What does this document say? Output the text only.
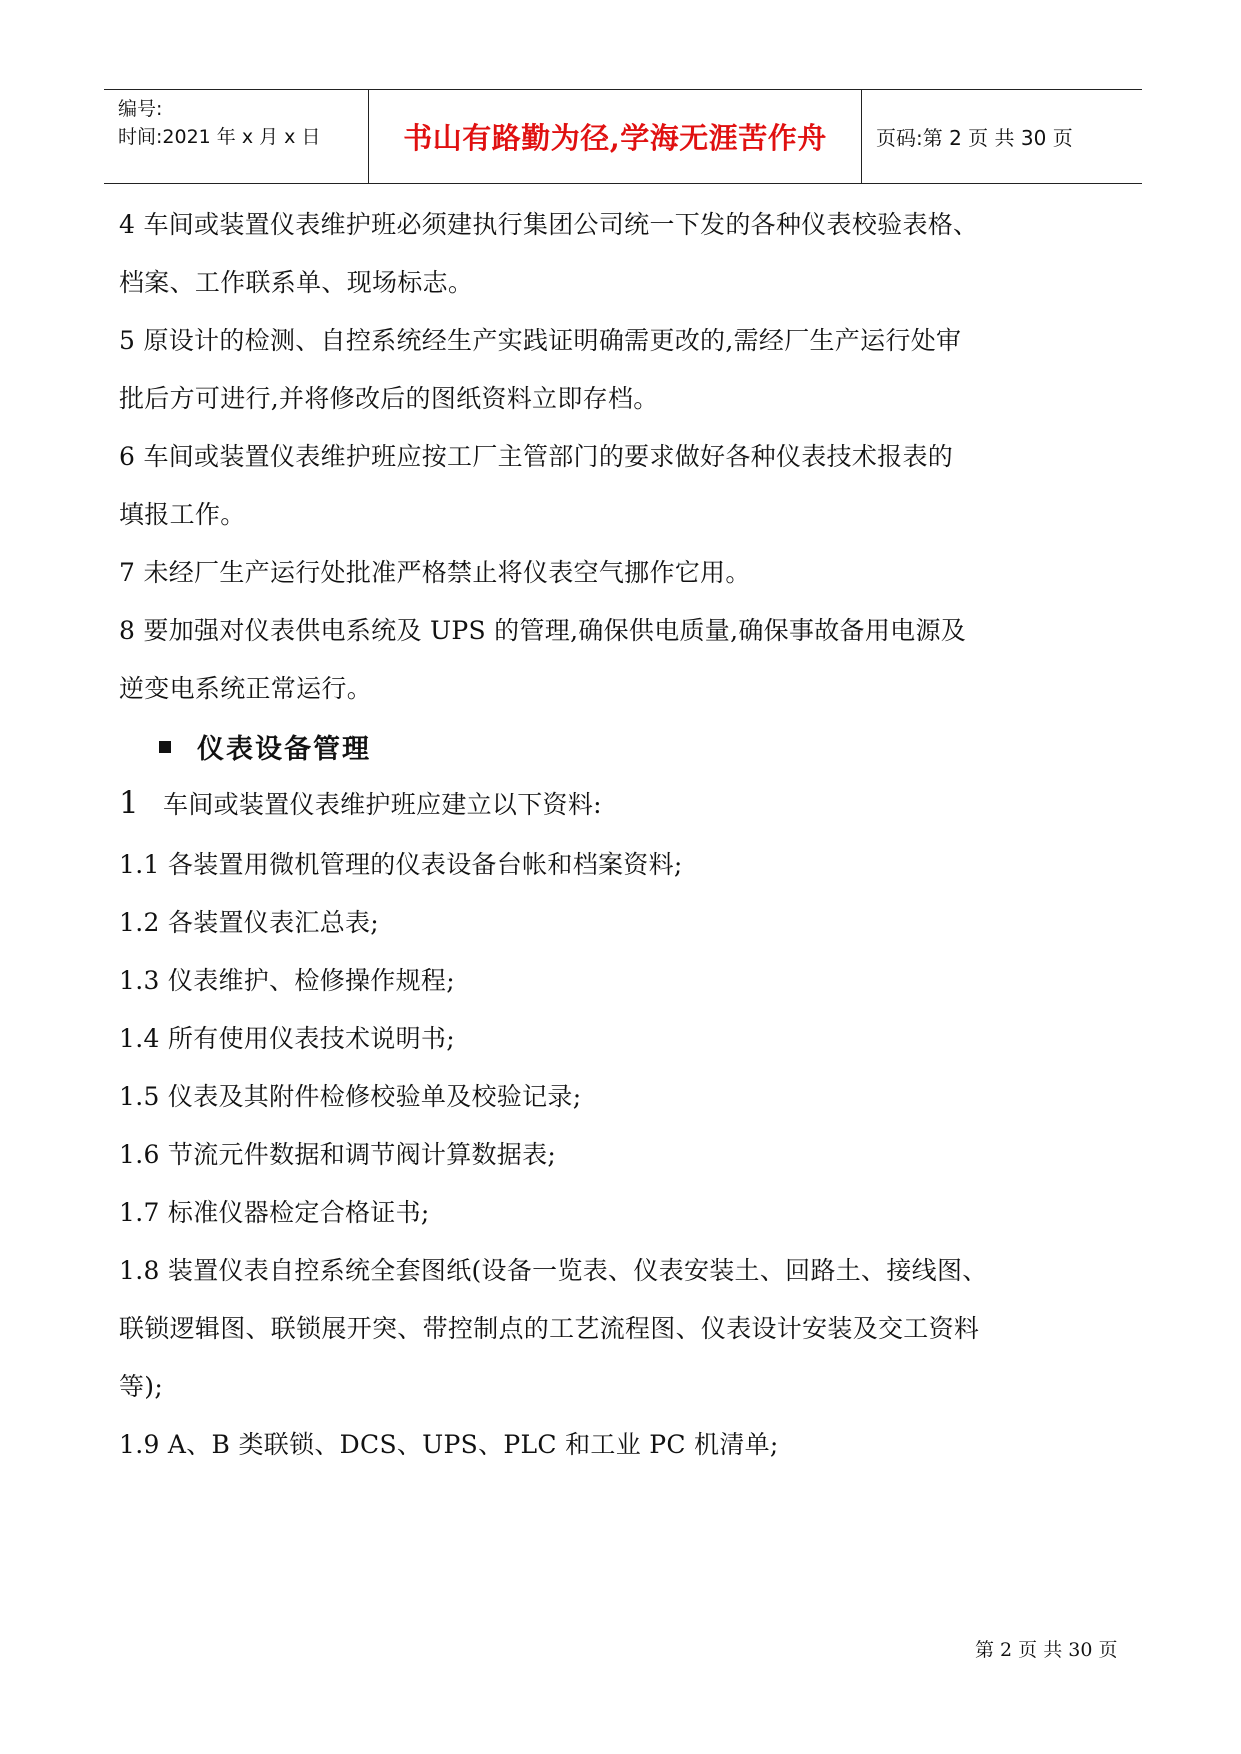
编号:
时间:2021 年 x 月 x 日	书山有路勤为径,学海无涯苦作舟 页码:第 2 页 共 30 页
4 车间或装置仪表维护班必须建执行集团公司统一下发的各种仪表校验表格、
档案、工作联系单、现场标志。
5 原设计的检测、自控系统经生产实践证明确需更改的,需经厂生产运行处审
批后方可进行,并将修改后的图纸资料立即存档。
6 车间或装置仪表维护班应按工厂主管部门的要求做好各种仪表技术报表的
填报工作。
7 未经厂生产运行处批准严格禁止将仪表空气挪作它用。
8 要加强对仪表供电系统及 UPS 的管理,确保供电质量,确保事故备用电源及
逆变电系统正常运行。
仪表设备管理
1 车间或装置仪表维护班应建立以下资料:
1.1 各装置用微机管理的仪表设备台帐和档案资料;
1.2 各装置仪表汇总表;
1.3 仪表维护、检修操作规程;
1.4 所有使用仪表技术说明书;
1.5 仪表及其附件检修校验单及校验记录;
1.6 节流元件数据和调节阀计算数据表;
1.7 标准仪器检定合格证书;
1.8 装置仪表自控系统全套图纸(设备一览表、仪表安装土、回路土、接线图、
联锁逻辑图、联锁展开突、带控制点的工艺流程图、仪表设计安装及交工资料
等);
1.9 A、B 类联锁、DCS、UPS、PLC 和工业 PC 机清单;
第 2 页 共 30 页
